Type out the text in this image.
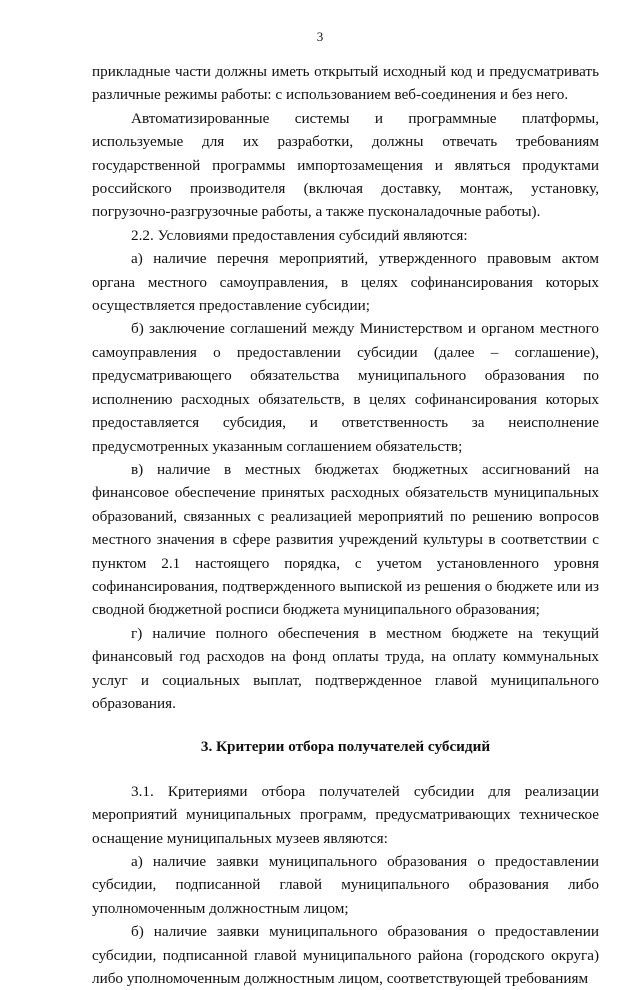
3

прикладные части должны иметь открытый исходный код и предусматривать различные режимы работы: с использованием веб-соединения и без него.

Автоматизированные системы и программные платформы, используемые для их разработки, должны отвечать требованиям государственной программы импортозамещения и являться продуктами российского производителя (включая доставку, монтаж, установку, погрузочно-разгрузочные работы, а также пусконаладочные работы).

2.2. Условиями предоставления субсидий являются:

а) наличие перечня мероприятий, утвержденного правовым актом органа местного самоуправления, в целях софинансирования которых осуществляется предоставление субсидии;

б) заключение соглашений между Министерством и органом местного самоуправления о предоставлении субсидии (далее – соглашение), предусматривающего обязательства муниципального образования по исполнению расходных обязательств, в целях софинансирования которых предоставляется субсидия, и ответственность за неисполнение предусмотренных указанным соглашением обязательств;

в) наличие в местных бюджетах бюджетных ассигнований на финансовое обеспечение принятых расходных обязательств муниципальных образований, связанных с реализацией мероприятий по решению вопросов местного значения в сфере развития учреждений культуры в соответствии с пунктом 2.1 настоящего порядка, с учетом установленного уровня софинансирования, подтвержденного выпиской из решения о бюджете или из сводной бюджетной росписи бюджета муниципального образования;

г) наличие полного обеспечения в местном бюджете на текущий финансовый год расходов на фонд оплаты труда, на оплату коммунальных услуг и социальных выплат, подтвержденное главой муниципального образования.

3. Критерии отбора получателей субсидий

3.1. Критериями отбора получателей субсидии для реализации мероприятий муниципальных программ, предусматривающих техническое оснащение муниципальных музеев являются:

а) наличие заявки муниципального образования о предоставлении субсидии, подписанной главой муниципального образования либо уполномоченным должностным лицом;

б) наличие заявки муниципального образования о предоставлении субсидии, подписанной главой муниципального района (городского округа) либо уполномоченным должностным лицом, соответствующей требованиям
